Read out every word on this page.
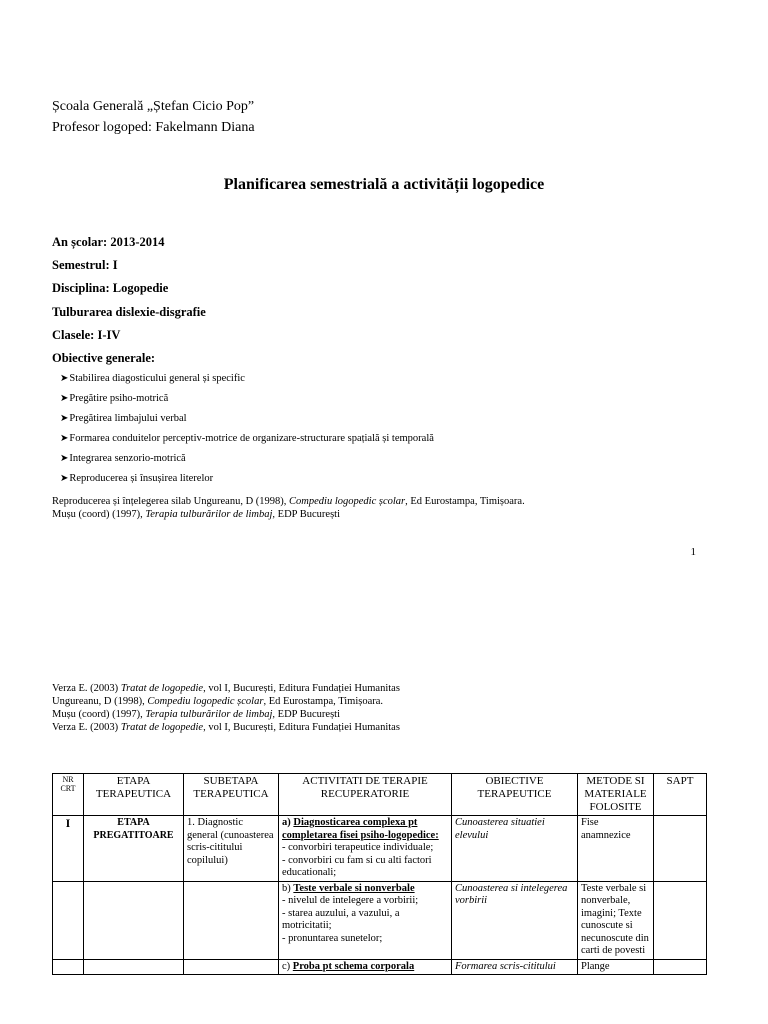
Școala Generală „Ștefan Cicio Pop”
Profesor logoped: Fakelmann Diana
Planificarea semestrială a activității logopedice
An școlar: 2013-2014
Semestrul: I
Disciplina: Logopedie
Tulburarea dislexie-disgrafie
Clasele: I-IV
Obiective generale:
➤Stabilirea diagosticului general și specific
➤Pregătire psiho-motrică
➤Pregătirea limbajului verbal
➤Formarea conduitelor perceptiv-motrice de organizare-structurare spațială și temporală
➤Integrarea senzorio-motrică
➤Reproducerea și însușirea literelor
Reproducerea și înțelegerea silab Ungureanu, D (1998), Compediu logopedic școlar, Ed Eurostampa, Timișoara.
Mușu (coord) (1997), Terapia tulburărilor de limbaj, EDP București
1
Verza E. (2003) Tratat de logopedie, vol I, București, Editura Fundației Humanitas
Ungureanu, D (1998), Compediu logopedic școlar, Ed Eurostampa, Timișoara.
Mușu (coord) (1997), Terapia tulburărilor de limbaj, EDP București
Verza E. (2003) Tratat de logopedie, vol I, București, Editura Fundației Humanitas
NR CRT	ETAPA TERAPEUTICA	SUBETAPA TERAPEUTICA	ACTIVITATI DE TERAPIE RECUPERATORIE	OBIECTIVE TERAPEUTICE	METODE SI MATERIALE FOLOSITE	SAPT
I	ETAPA PREGATITOARE	1. Diagnostic general (cunoasterea scris-cititului copilului)	a) Diagnosticarea complexa pt completarea fisei psiho-logopedice:
- convorbiri terapeutice individuale;
- convorbiri cu fam si cu alti factori educationali;	Cunoasterea situatiei elevului	Fise anamnezice	
			b) Teste verbale si nonverbale
- nivelul de intelegere a vorbirii;
- starea auzului, a vazului, a motricitatii;
- pronuntarea sunetelor;	Cunoasterea si intelegerea vorbirii	Teste verbale si nonverbale, imagini; Texte cunoscute si necunoscute din carti de povesti	
			c) Proba pt schema corporala	Formarea scris-cititului	Plange	
